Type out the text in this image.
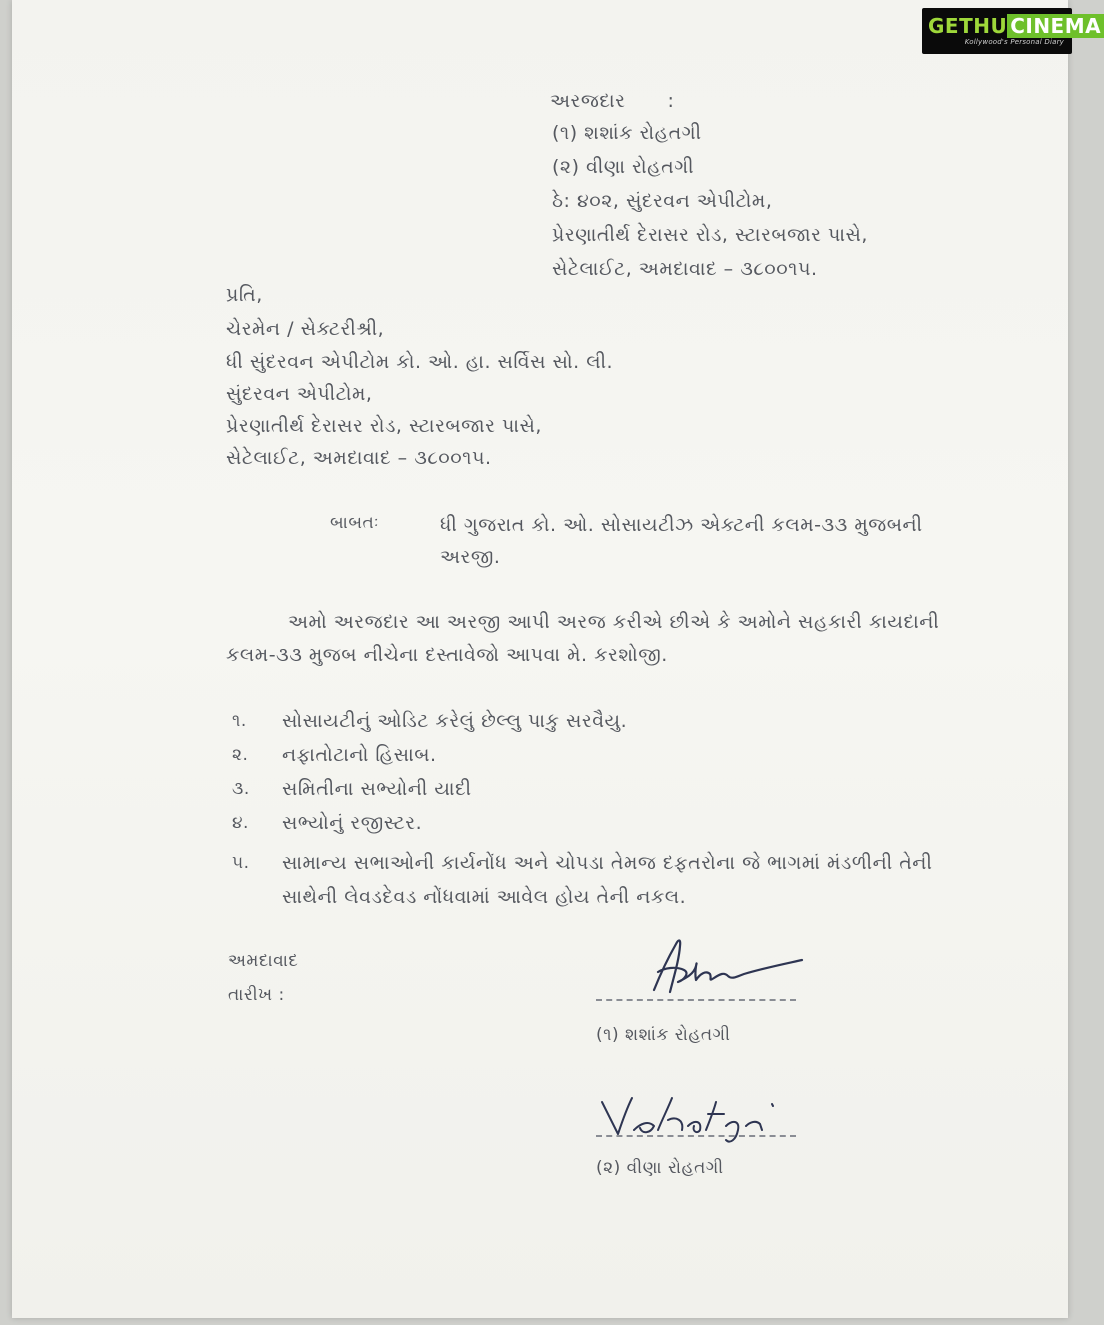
અરજદાર :
(૧) શશાંક રોહતગી
(૨) વીણા રોહતગી
ઠે: ૪૦૨, સુંદરવન એપીટોમ,
પ્રેરણાતીર્થ દેરાસર રોડ, સ્ટારબજાર પાસે,
સેટેલાઈટ, અમદાવાદ – ૩૮૦૦૧૫.
પ્રતિ,
ચેરમેન / સેક્ટરીશ્રી,
ધી સુંદરવન એપીટોમ કો. ઓ. હા. સર્વિસ સો. લી.
સુંદરવન એપીટોમ,
પ્રેરણાતીર્થ દેરાસર રોડ, સ્ટારબજાર પાસે,
સેટેલાઈટ, અમદાવાદ – ૩૮૦૦૧૫.
બાબતઃ	ધી ગુજરાત કો. ઓ. સોસાયટીઝ એક્ટની કલમ-૩૩ મુજબની
અરજી.
અમો અરજદાર આ અરજી આપી અરજ કરીએ છીએ કે અમોને સહકારી કાયદાની
કલમ-૩૩ મુજબ નીચેના દસ્તાવેજો આપવા મે. કરશોજી.
૧. સોસાયટીનું ઓડિટ કરેલું છેલ્લુ પાકુ સરવૈયુ.
૨. નફાતોટાનો હિસાબ.
૩. સમિતીના સભ્યોની યાદી
૪. સભ્યોનું રજીસ્ટર.
૫. સામાન્ય સભાઓની કાર્યનોંધ અને ચોપડા તેમજ દફતરોના જે ભાગમાં મંડળીની તેની
સાથેની લેવડદેવડ નોંધવામાં આવેલ હોય તેની નકલ.
અમદાવાદ
તારીખ :
(૧) શશાંક રોહતગી
(૨) વીણા રોહતગી
GETHU CINEMA
Kollywood's Personal Diary
